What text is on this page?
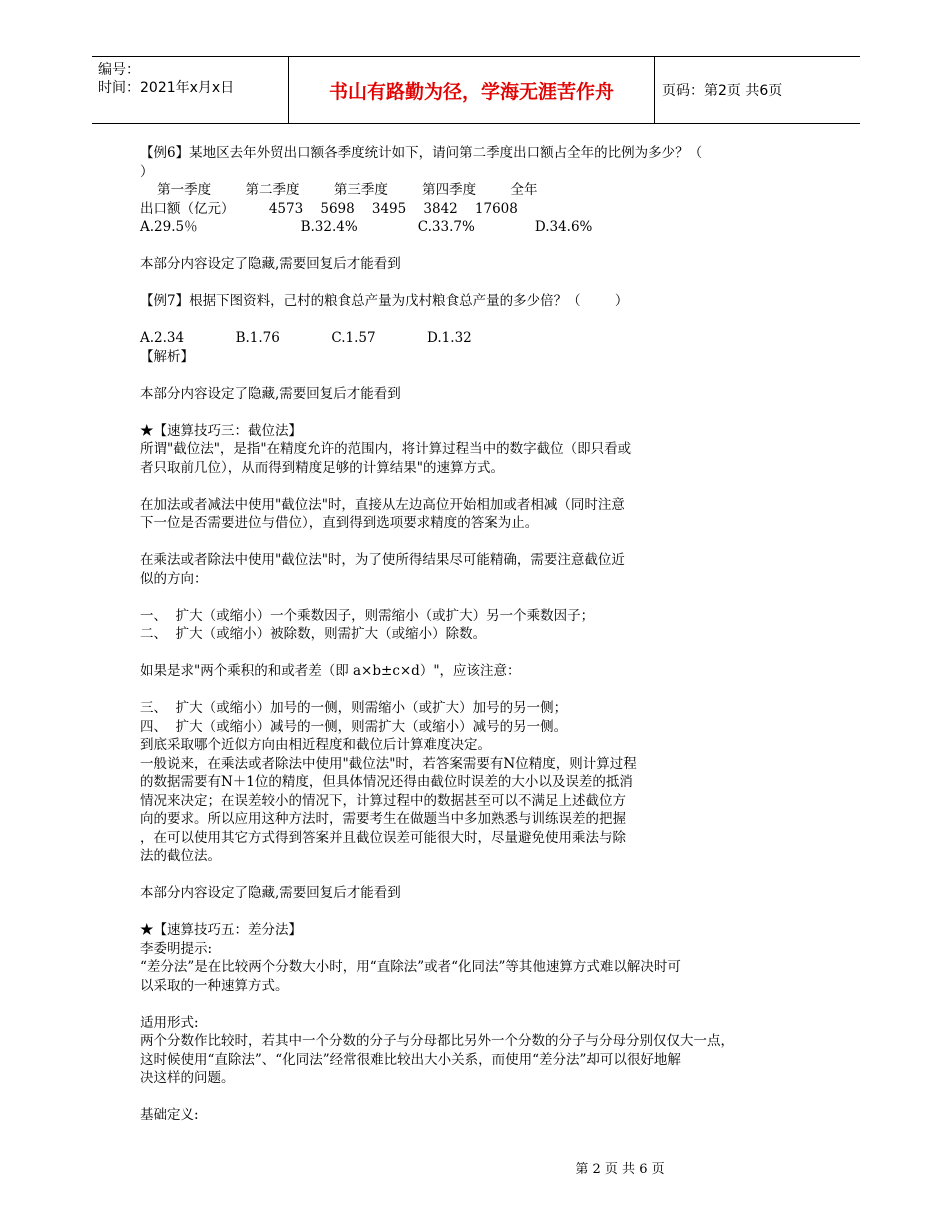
编号：
时间：2021年x月x日	书山有路勤为径，学海无涯苦作舟	页码：第2页 共6页

【例6】某地区去年外贸出口额各季度统计如下，请问第二季度出口额占全年的比例为多少？（

）

第一季度        第二季度        第三季度        第四季度        全年

出口额（亿元）        4573    5698    3495    3842    17608

A.29.5％                        B.32.4%              C.33.7%              D.34.6%

本部分内容设定了隐藏,需要回复后才能看到

【例7】根据下图资料，己村的粮食总产量为戊村粮食总产量的多少倍？（        ）

A.2.34            B.1.76            C.1.57            D.1.32

【解析】

本部分内容设定了隐藏,需要回复后才能看到

★【速算技巧三：截位法】

所谓"截位法"，是指"在精度允许的范围内，将计算过程当中的数字截位（即只看或

者只取前几位），从而得到精度足够的计算结果"的速算方式。

在加法或者减法中使用"截位法"时，直接从左边高位开始相加或者相减（同时注意

下一位是否需要进位与借位），直到得到选项要求精度的答案为止。

在乘法或者除法中使用"截位法"时，为了使所得结果尽可能精确，需要注意截位近

似的方向：

一、  扩大（或缩小）一个乘数因子，则需缩小（或扩大）另一个乘数因子；

二、  扩大（或缩小）被除数，则需扩大（或缩小）除数。

如果是求"两个乘积的和或者差（即 a×b±c×d）"，应该注意：

三、  扩大（或缩小）加号的一侧，则需缩小（或扩大）加号的另一侧；

四、  扩大（或缩小）减号的一侧，则需扩大（或缩小）减号的另一侧。

到底采取哪个近似方向由相近程度和截位后计算难度决定。

一般说来，在乘法或者除法中使用"截位法"时，若答案需要有N位精度，则计算过程

的数据需要有N＋1位的精度，但具体情况还得由截位时误差的大小以及误差的抵消

情况来决定；在误差较小的情况下，计算过程中的数据甚至可以不满足上述截位方

向的要求。所以应用这种方法时，需要考生在做题当中多加熟悉与训练误差的把握

，在可以使用其它方式得到答案并且截位误差可能很大时，尽量避免使用乘法与除

法的截位法。

本部分内容设定了隐藏,需要回复后才能看到

★【速算技巧五：差分法】

李委明提示:

“差分法”是在比较两个分数大小时，用“直除法”或者“化同法”等其他速算方式难以解决时可

以采取的一种速算方式。

适用形式:

两个分数作比较时，若其中一个分数的分子与分母都比另外一个分数的分子与分母分别仅仅大一点，

这时候使用“直除法”、“化同法”经常很难比较出大小关系，而使用“差分法”却可以很好地解

决这样的问题。

基础定义:

第 2 页 共 6 页
